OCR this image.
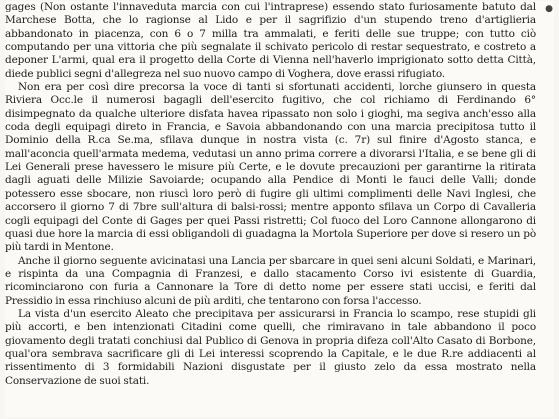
gages (Non ostante l'innaveduta marcia con cui l'intraprese) essendo stato furiosamente batuto dal Marchese Botta, che lo ragionse al Lido e per il sagrifizio d'un stupendo treno d'artiglieria abbandonato in piacenza, con 6 o 7 milla tra ammalati, e feriti delle sue truppe; con tutto ciò computando per una vittoria che più segnalate il schivato pericolo di restar sequestrato, e costreto a deponer L'armi, qual era il progetto della Corte di Vienna nell'haverlo imprigionato sotto detta Città, diede publici segni d'allegreza nel suo nuovo campo di Voghera, dove erassi rifugiato.

Non era per così dire precorsa la voce di tanti si sfortunati accidenti, lorche giunsero in questa Riviera Occ.le il numerosi bagagli dell'esercito fugitivo, che col richiamo di Ferdinando 6° disimpegnato da qualche ulteriore disfata havea ripassato non solo i gioghi, ma segiva anch'esso alla coda degli equipagi direto in Francia, e Savoia abbandonando con una marcia precipitosa tutto il Dominio della R.ca Se.ma, sfilava dunque in nostra vista (c. 7r) sul finire d'Agosto stanca, e mall'aconcia quell'armata medema, vedutasi un anno prima correre a divorarsi l'Italia, e se bene gli di Lei Generali prese havessero le misure più Certe, e le dovute precauzioni per garantirne la ritirata dagli aguati delle Milizie Savoiarde; ocupando alla Pendice di Monti le fauci delle Valli; donde potessero esse sbocare, non riuscì loro però di fugire gli ultimi complimenti delle Navi Inglesi, che accorsero il giorno 7 di 7bre sull'altura di balsi-rossi; mentre apponto sfilava un Corpo di Cavalleria cogli equipagi del Conte di Gages per quei Passi ristretti; Col fuoco del Loro Cannone allongarono di quasi due hore la marcia di essi obligandoli di guadagna la Mortola Superiore per dove si resero un pò più tardi in Mentone.

Anche il giorno seguente avicinatasi una Lancia per sbarcare in quei seni alcuni Soldati, e Marinari, e rispinta da una Compagnia di Franzesi, e dallo stacamento Corso ivi esistente di Guardia, ricominciarono con furia a Cannonare la Tore di detto nome per essere stati uccisi, e feriti dal Pressidio in essa rinchiuso alcuni de più arditi, che tentarono con forsa l'accesso.

La vista d'un esercito Aleato che precipitava per assicurarsi in Francia lo scampo, rese stupidi gli più accorti, e ben intenzionati Citadini come quelli, che rimiravano in tale abbandono il poco giovamento degli tratati conchiusi dal Publico di Genova in propria difeza coll'Alto Casato di Borbone, qual'ora sembrava sacrificare gli di Lei interessi scoprendo la Capitale, e le due R.re addiacenti al rissentimento di 3 formidabili Nazioni disgustate per il giusto zelo da essa mostrato nella Conservazione de suoi stati.

●
